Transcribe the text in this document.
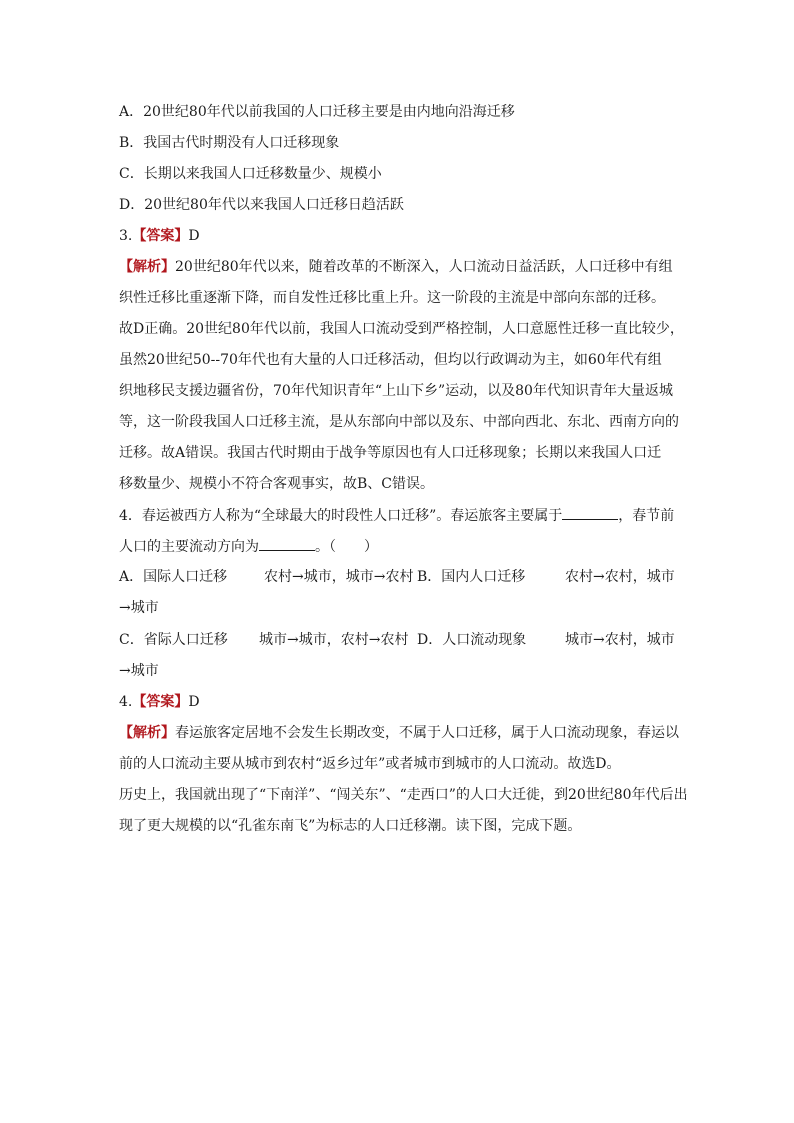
A．20世纪80年代以前我国的人口迁移主要是由内地向沿海迁移
B．我国古代时期没有人口迁移现象
C．长期以来我国人口迁移数量少、规模小
D．20世纪80年代以来我国人口迁移日趋活跃
3.【答案】D
【解析】20世纪80年代以来，随着改革的不断深入，人口流动日益活跃，人口迁移中有组
织性迁移比重逐渐下降，而自发性迁移比重上升。这一阶段的主流是中部向东部的迁移。
故D正确。20世纪80年代以前，我国人口流动受到严格控制，人口意愿性迁移一直比较少，
虽然20世纪50--70年代也有大量的人口迁移活动，但均以行政调动为主，如60年代有组
织地移民支援边疆省份，70年代知识青年“上山下乡”运动，以及80年代知识青年大量返城
等，这一阶段我国人口迁移主流，是从东部向中部以及东、中部向西北、东北、西南方向的
迁移。故A错误。我国古代时期由于战争等原因也有人口迁移现象；长期以来我国人口迁
移数量少、规模小不符合客观事实，故B、C错误。
4．春运被西方人称为“全球最大的时段性人口迁移”。春运旅客主要属于	，春节前
人口的主要流动方向为	。（　　）
A．国际人口迁移	农村→城市，城市→农村 B．国内人口迁移	农村→农村，城市
→城市
C．省际人口迁移 城市→城市，农村→农村 D．人口流动现象	城市→农村，城市
→城市
4.【答案】D
【解析】春运旅客定居地不会发生长期改变，不属于人口迁移，属于人口流动现象，春运以
前的人口流动主要从城市到农村“返乡过年”或者城市到城市的人口流动。故选D。
历史上，我国就出现了“下南洋”、“闯关东”、“走西口”的人口大迁徙，到20世纪80年代后出
现了更大规模的以“孔雀东南飞”为标志的人口迁移潮。读下图，完成下题。
